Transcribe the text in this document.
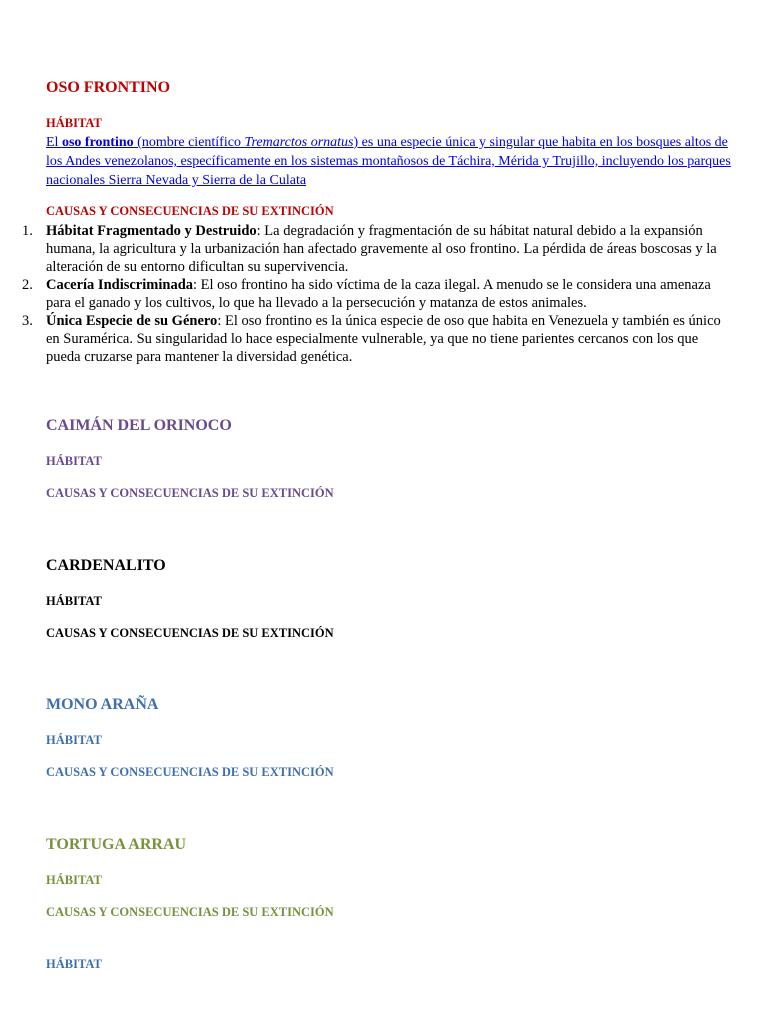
OSO FRONTINO
HÁBITAT

El oso frontino (nombre científico Tremarctos ornatus) es una especie única y singular que habita en los bosques altos de los Andes venezolanos, específicamente en los sistemas montañosos de Táchira, Mérida y Trujillo, incluyendo los parques nacionales Sierra Nevada y Sierra de la Culata

CAUSAS Y CONSECUENCIAS DE SU EXTINCIÓN
1. Hábitat Fragmentado y Destruido: La degradación y fragmentación de su hábitat natural debido a la expansión humana, la agricultura y la urbanización han afectado gravemente al oso frontino. La pérdida de áreas boscosas y la alteración de su entorno dificultan su supervivencia.
2. Cacería Indiscriminada: El oso frontino ha sido víctima de la caza ilegal. A menudo se le considera una amenaza para el ganado y los cultivos, lo que ha llevado a la persecución y matanza de estos animales.
3. Única Especie de su Género: El oso frontino es la única especie de oso que habita en Venezuela y también es único en Suramérica. Su singularidad lo hace especialmente vulnerable, ya que no tiene parientes cercanos con los que pueda cruzarse para mantener la diversidad genética.
CAIMÁN DEL ORINOCO
HÁBITAT
CAUSAS Y CONSECUENCIAS DE SU EXTINCIÓN
CARDENALITO
HÁBITAT
CAUSAS Y CONSECUENCIAS DE SU EXTINCIÓN
MONO ARAÑA
HÁBITAT
CAUSAS Y CONSECUENCIAS DE SU EXTINCIÓN
TORTUGA ARRAU
HÁBITAT
CAUSAS Y CONSECUENCIAS DE SU EXTINCIÓN
HÁBITAT
